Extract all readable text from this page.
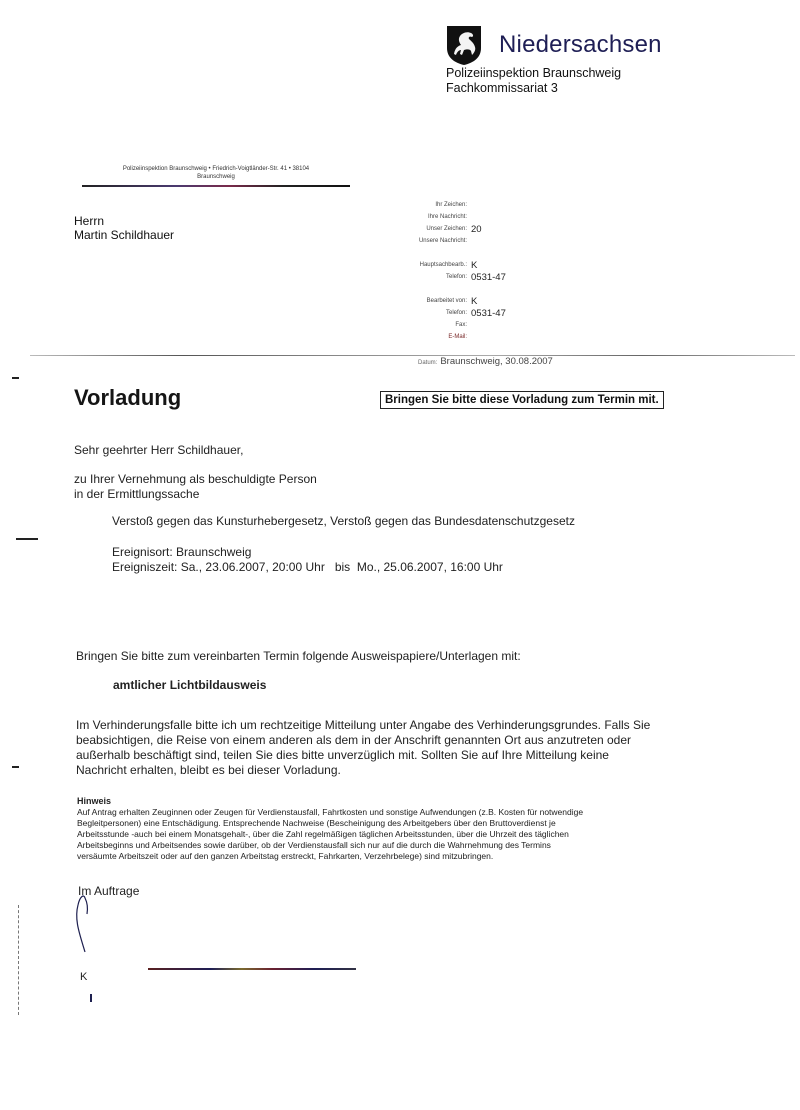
Niedersachsen
Polizeiinspektion Braunschweig
Fachkommissariat 3
Polizeiinspektion Braunschweig • Friedrich-Voigtländer-Str. 41 • 38104
Braunschweig
Herrn
Martin Schildhauer
Ihr Zeichen:
Ihre Nachricht:
Unser Zeichen: 20
Unsere Nachricht:
Hauptsachbearb.: K
Telefon: 0531-47
Bearbeitet von: K
Telefon: 0531-47
Fax:
E-Mail:
Datum: Braunschweig, 30.08.2007
Vorladung	Bringen Sie bitte diese Vorladung zum Termin mit.
Sehr geehrter Herr Schildhauer,
zu Ihrer Vernehmung als beschuldigte Person
in der Ermittlungssache
Verstoß gegen das Kunsturhebergesetz, Verstoß gegen das Bundesdatenschutzgesetz
Ereignisort: Braunschweig
Ereigniszeit: Sa., 23.06.2007, 20:00 Uhr   bis  Mo., 25.06.2007, 16:00 Uhr
Bringen Sie bitte zum vereinbarten Termin folgende Ausweispapiere/Unterlagen mit:
amtlicher Lichtbildausweis
Im Verhinderungsfalle bitte ich um rechtzeitige Mitteilung unter Angabe des Verhinderungsgrundes. Falls Sie
beabsichtigen, die Reise von einem anderen als dem in der Anschrift genannten Ort aus anzutreten oder
außerhalb beschäftigt sind, teilen Sie dies bitte unverzüglich mit. Sollten Sie auf Ihre Mitteilung keine
Nachricht erhalten, bleibt es bei dieser Vorladung.
Hinweis
Auf Antrag erhalten Zeuginnen oder Zeugen für Verdienstausfall, Fahrtkosten und sonstige Aufwendungen (z.B. Kosten für notwendige
Begleitpersonen) eine Entschädigung. Entsprechende Nachweise (Bescheinigung des Arbeitgebers über den Bruttoverdienst je
Arbeitsstunde -auch bei einem Monatsgehalt-, über die Zahl regelmäßigen täglichen Arbeitsstunden, über die Uhrzeit des täglichen
Arbeitsbeginns und Arbeitsendes sowie darüber, ob der Verdienstausfall sich nur auf die durch die Wahrnehmung des Termins
versäumte Arbeitszeit oder auf den ganzen Arbeitstag erstreckt, Fahrkarten, Verzehrbelege) sind mitzubringen.
Im Auftrage
K
